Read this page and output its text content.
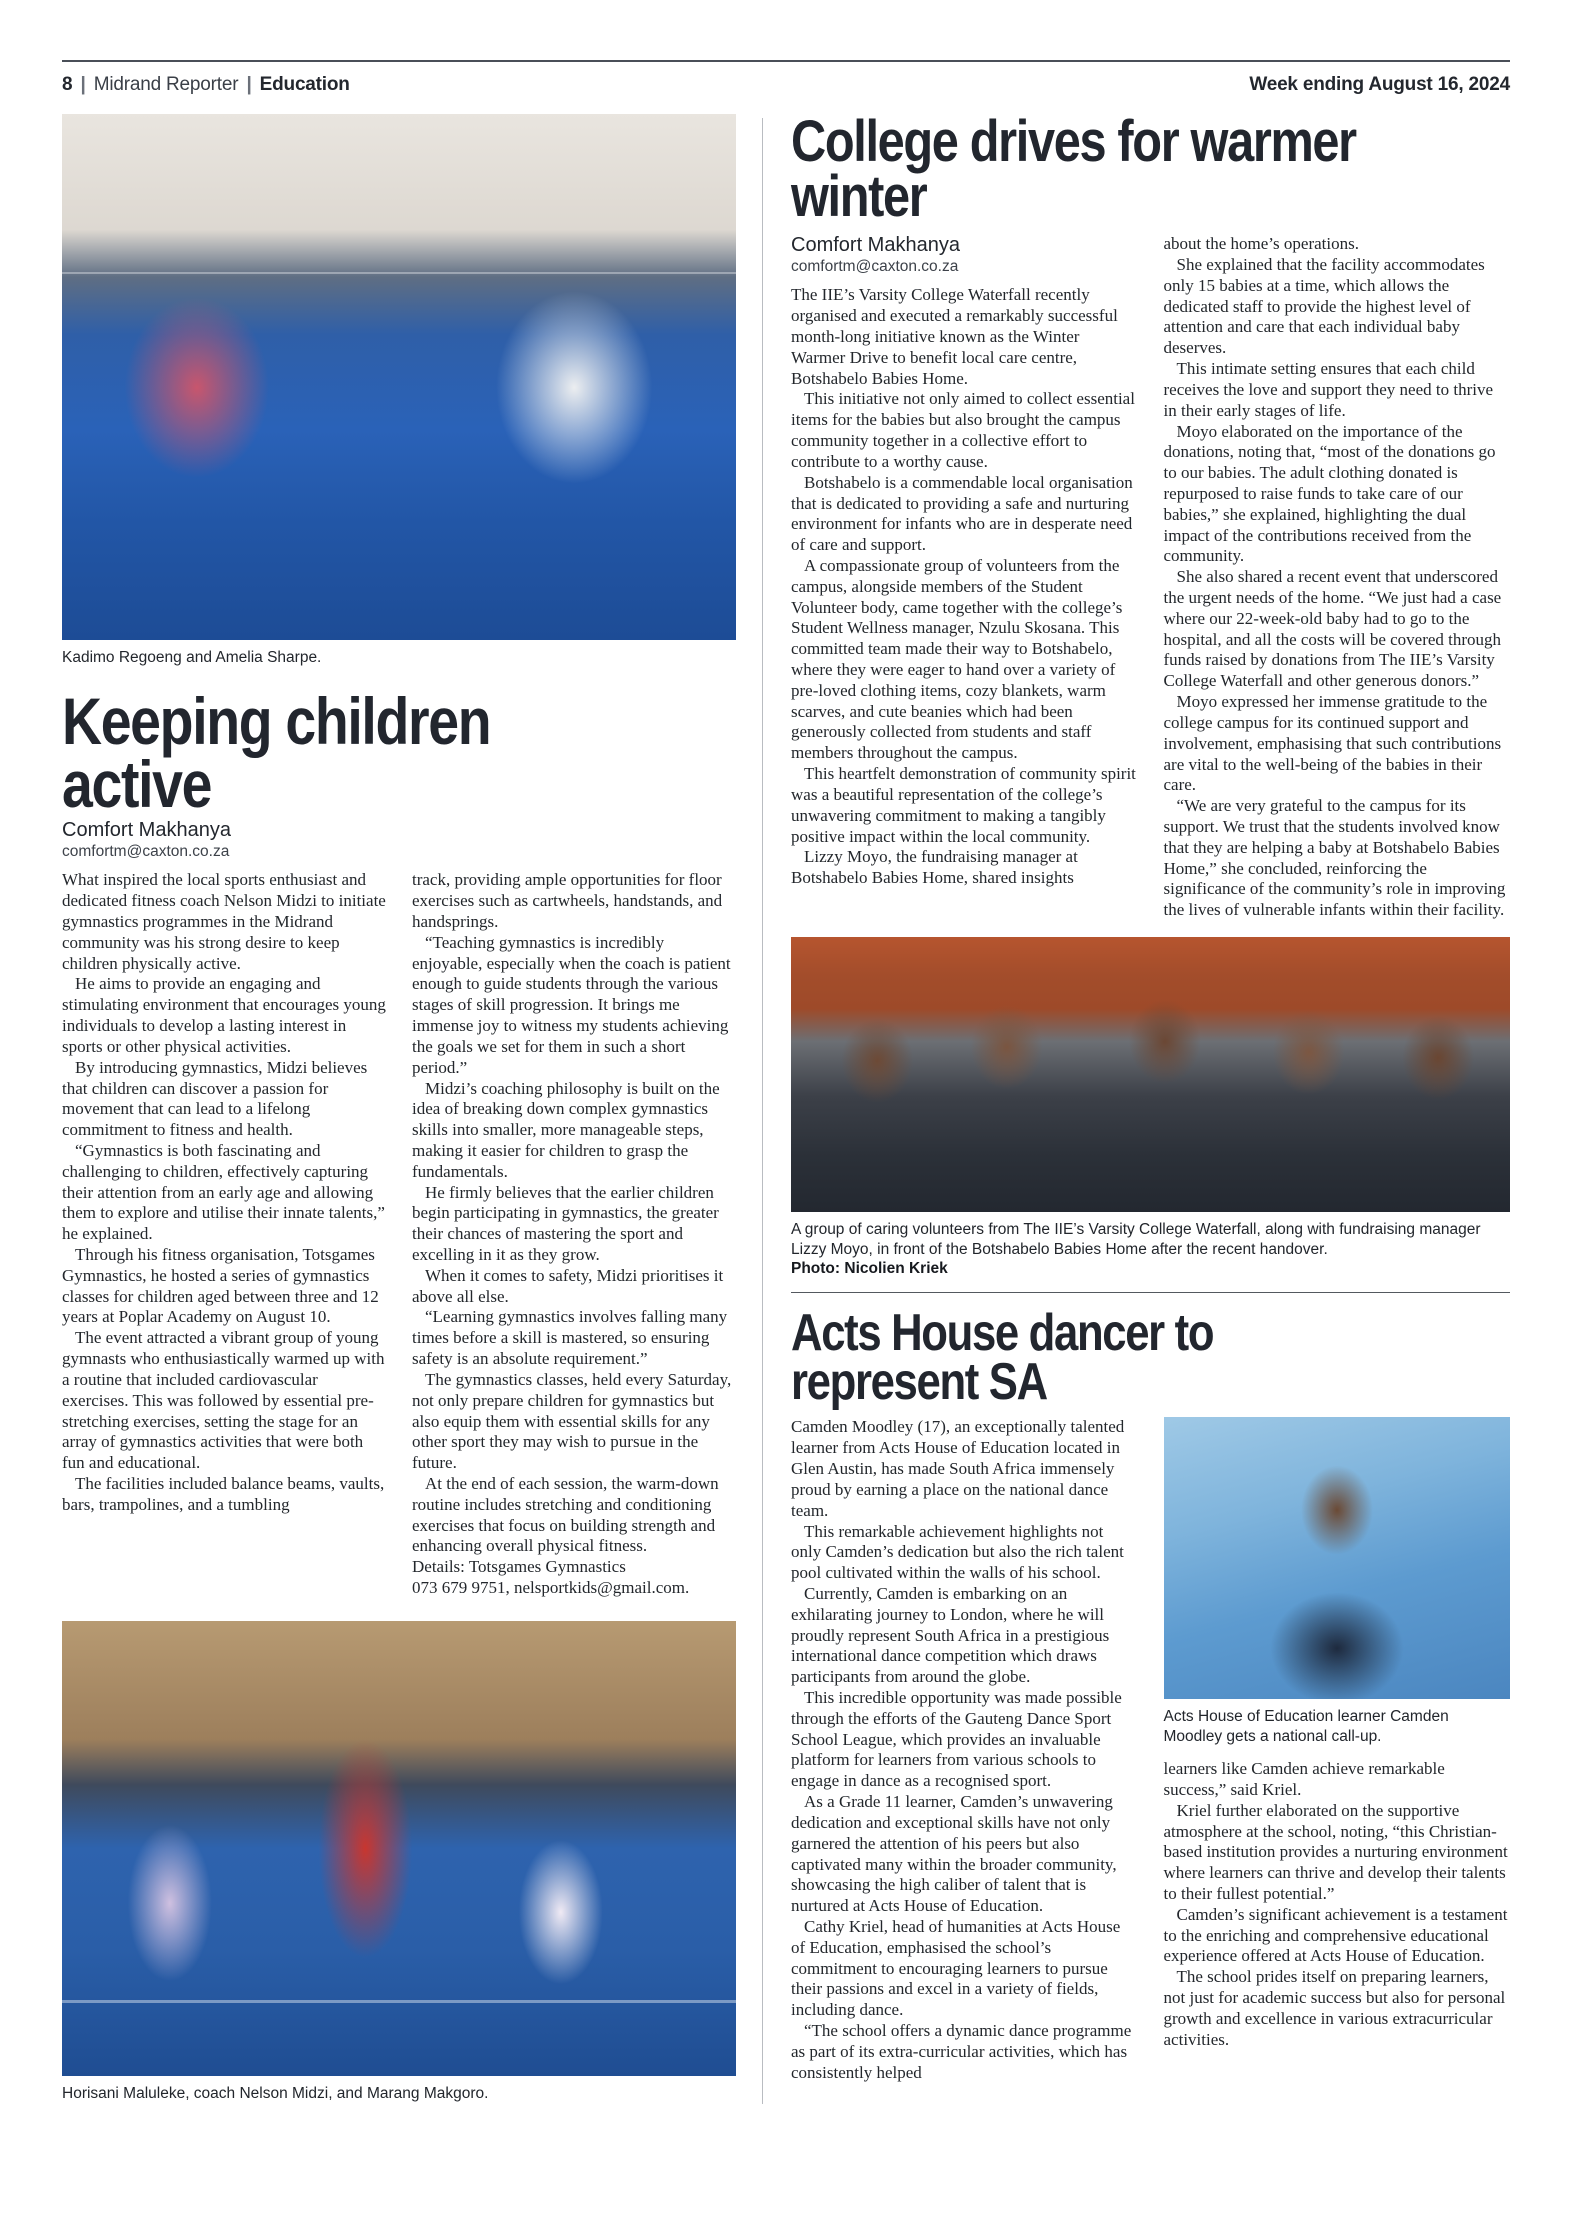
8 | Midrand Reporter | Education	Week ending August 16, 2024
Kadimo Regoeng and Amelia Sharpe.
Keeping children active
Comfort Makhanya
comfortm@caxton.co.za

What inspired the local sports enthusiast and dedicated fitness coach Nelson Midzi to initiate gymnastics programmes in the Midrand community was his strong desire to keep children physically active.

He aims to provide an engaging and stimulating environment that encourages young individuals to develop a lasting interest in sports or other physical activities.

By introducing gymnastics, Midzi believes that children can discover a passion for movement that can lead to a lifelong commitment to fitness and health.

“Gymnastics is both fascinating and challenging to children, effectively capturing their attention from an early age and allowing them to explore and utilise their innate talents,” he explained.

Through his fitness organisation, Totsgames Gymnastics, he hosted a series of gymnastics classes for children aged between three and 12 years at Poplar Academy on August 10.

The event attracted a vibrant group of young gymnasts who enthusiastically warmed up with a routine that included cardiovascular exercises. This was followed by essential pre-stretching exercises, setting the stage for an array of gymnastics activities that were both fun and educational.

The facilities included balance beams, vaults, bars, trampolines, and a tumbling

track, providing ample opportunities for floor exercises such as cartwheels, handstands, and handsprings.

“Teaching gymnastics is incredibly enjoyable, especially when the coach is patient enough to guide students through the various stages of skill progression. It brings me immense joy to witness my students achieving the goals we set for them in such a short period.”

Midzi’s coaching philosophy is built on the idea of breaking down complex gymnastics skills into smaller, more manageable steps, making it easier for children to grasp the fundamentals.

He firmly believes that the earlier children begin participating in gymnastics, the greater their chances of mastering the sport and excelling in it as they grow.

When it comes to safety, Midzi prioritises it above all else.

“Learning gymnastics involves falling many times before a skill is mastered, so ensuring safety is an absolute requirement.”

The gymnastics classes, held every Saturday, not only prepare children for gymnastics but also equip them with essential skills for any other sport they may wish to pursue in the future.

At the end of each session, the warm-down routine includes stretching and conditioning exercises that focus on building strength and enhancing overall physical fitness.

Details: Totsgames Gymnastics

073 679 9751, nelsportkids@gmail.com.

Horisani Maluleke, coach Nelson Midzi, and Marang Makgoro.
College drives for warmer winter
Comfort Makhanya
comfortm@caxton.co.za

The IIE’s Varsity College Waterfall recently organised and executed a remarkably successful month-long initiative known as the Winter Warmer Drive to benefit local care centre, Botshabelo Babies Home.

This initiative not only aimed to collect essential items for the babies but also brought the campus community together in a collective effort to contribute to a worthy cause.

Botshabelo is a commendable local organisation that is dedicated to providing a safe and nurturing environment for infants who are in desperate need of care and support.

A compassionate group of volunteers from the campus, alongside members of the Student Volunteer body, came together with the college’s Student Wellness manager, Nzulu Skosana. This committed team made their way to Botshabelo, where they were eager to hand over a variety of pre-loved clothing items, cozy blankets, warm scarves, and cute beanies which had been generously collected from students and staff members throughout the campus.

This heartfelt demonstration of community spirit was a beautiful representation of the college’s unwavering commitment to making a tangibly positive impact within the local community.

Lizzy Moyo, the fundraising manager at Botshabelo Babies Home, shared insights

about the home’s operations.

She explained that the facility accommodates only 15 babies at a time, which allows the dedicated staff to provide the highest level of attention and care that each individual baby deserves.

This intimate setting ensures that each child receives the love and support they need to thrive in their early stages of life.

Moyo elaborated on the importance of the donations, noting that, “most of the donations go to our babies. The adult clothing donated is repurposed to raise funds to take care of our babies,” she explained, highlighting the dual impact of the contributions received from the community.

She also shared a recent event that underscored the urgent needs of the home. “We just had a case where our 22-week-old baby had to go to the hospital, and all the costs will be covered through funds raised by donations from The IIE’s Varsity College Waterfall and other generous donors.”

Moyo expressed her immense gratitude to the college campus for its continued support and involvement, emphasising that such contributions are vital to the well-being of the babies in their care.

“We are very grateful to the campus for its support. We trust that the students involved know that they are helping a baby at Botshabelo Babies Home,” she concluded, reinforcing the significance of the community’s role in improving the lives of vulnerable infants within their facility.

A group of caring volunteers from The IIE’s Varsity College Waterfall, along with fundraising manager Lizzy Moyo, in front of the Botshabelo Babies Home after the recent handover.
Photo: Nicolien Kriek
Acts House dancer to represent SA

Camden Moodley (17), an exceptionally talented learner from Acts House of Education located in Glen Austin, has made South Africa immensely proud by earning a place on the national dance team.

This remarkable achievement highlights not only Camden’s dedication but also the rich talent pool cultivated within the walls of his school.

Currently, Camden is embarking on an exhilarating journey to London, where he will proudly represent South Africa in a prestigious international dance competition which draws participants from around the globe.

This incredible opportunity was made possible through the efforts of the Gauteng Dance Sport School League, which provides an invaluable platform for learners from various schools to engage in dance as a recognised sport.

As a Grade 11 learner, Camden’s unwavering dedication and exceptional skills have not only garnered the attention of his peers but also captivated many within the broader community, showcasing the high caliber of talent that is nurtured at Acts House of Education.

Cathy Kriel, head of humanities at Acts House of Education, emphasised the school’s commitment to encouraging learners to pursue their passions and excel in a variety of fields, including dance.

“The school offers a dynamic dance programme as part of its extra-curricular activities, which has consistently helped

Acts House of Education learner Camden Moodley gets a national call-up.

learners like Camden achieve remarkable success,” said Kriel.

Kriel further elaborated on the supportive atmosphere at the school, noting, “this Christian-based institution provides a nurturing environment where learners can thrive and develop their talents to their fullest potential.”

Camden’s significant achievement is a testament to the enriching and comprehensive educational experience offered at Acts House of Education.

The school prides itself on preparing learners, not just for academic success but also for personal growth and excellence in various extracurricular activities.
